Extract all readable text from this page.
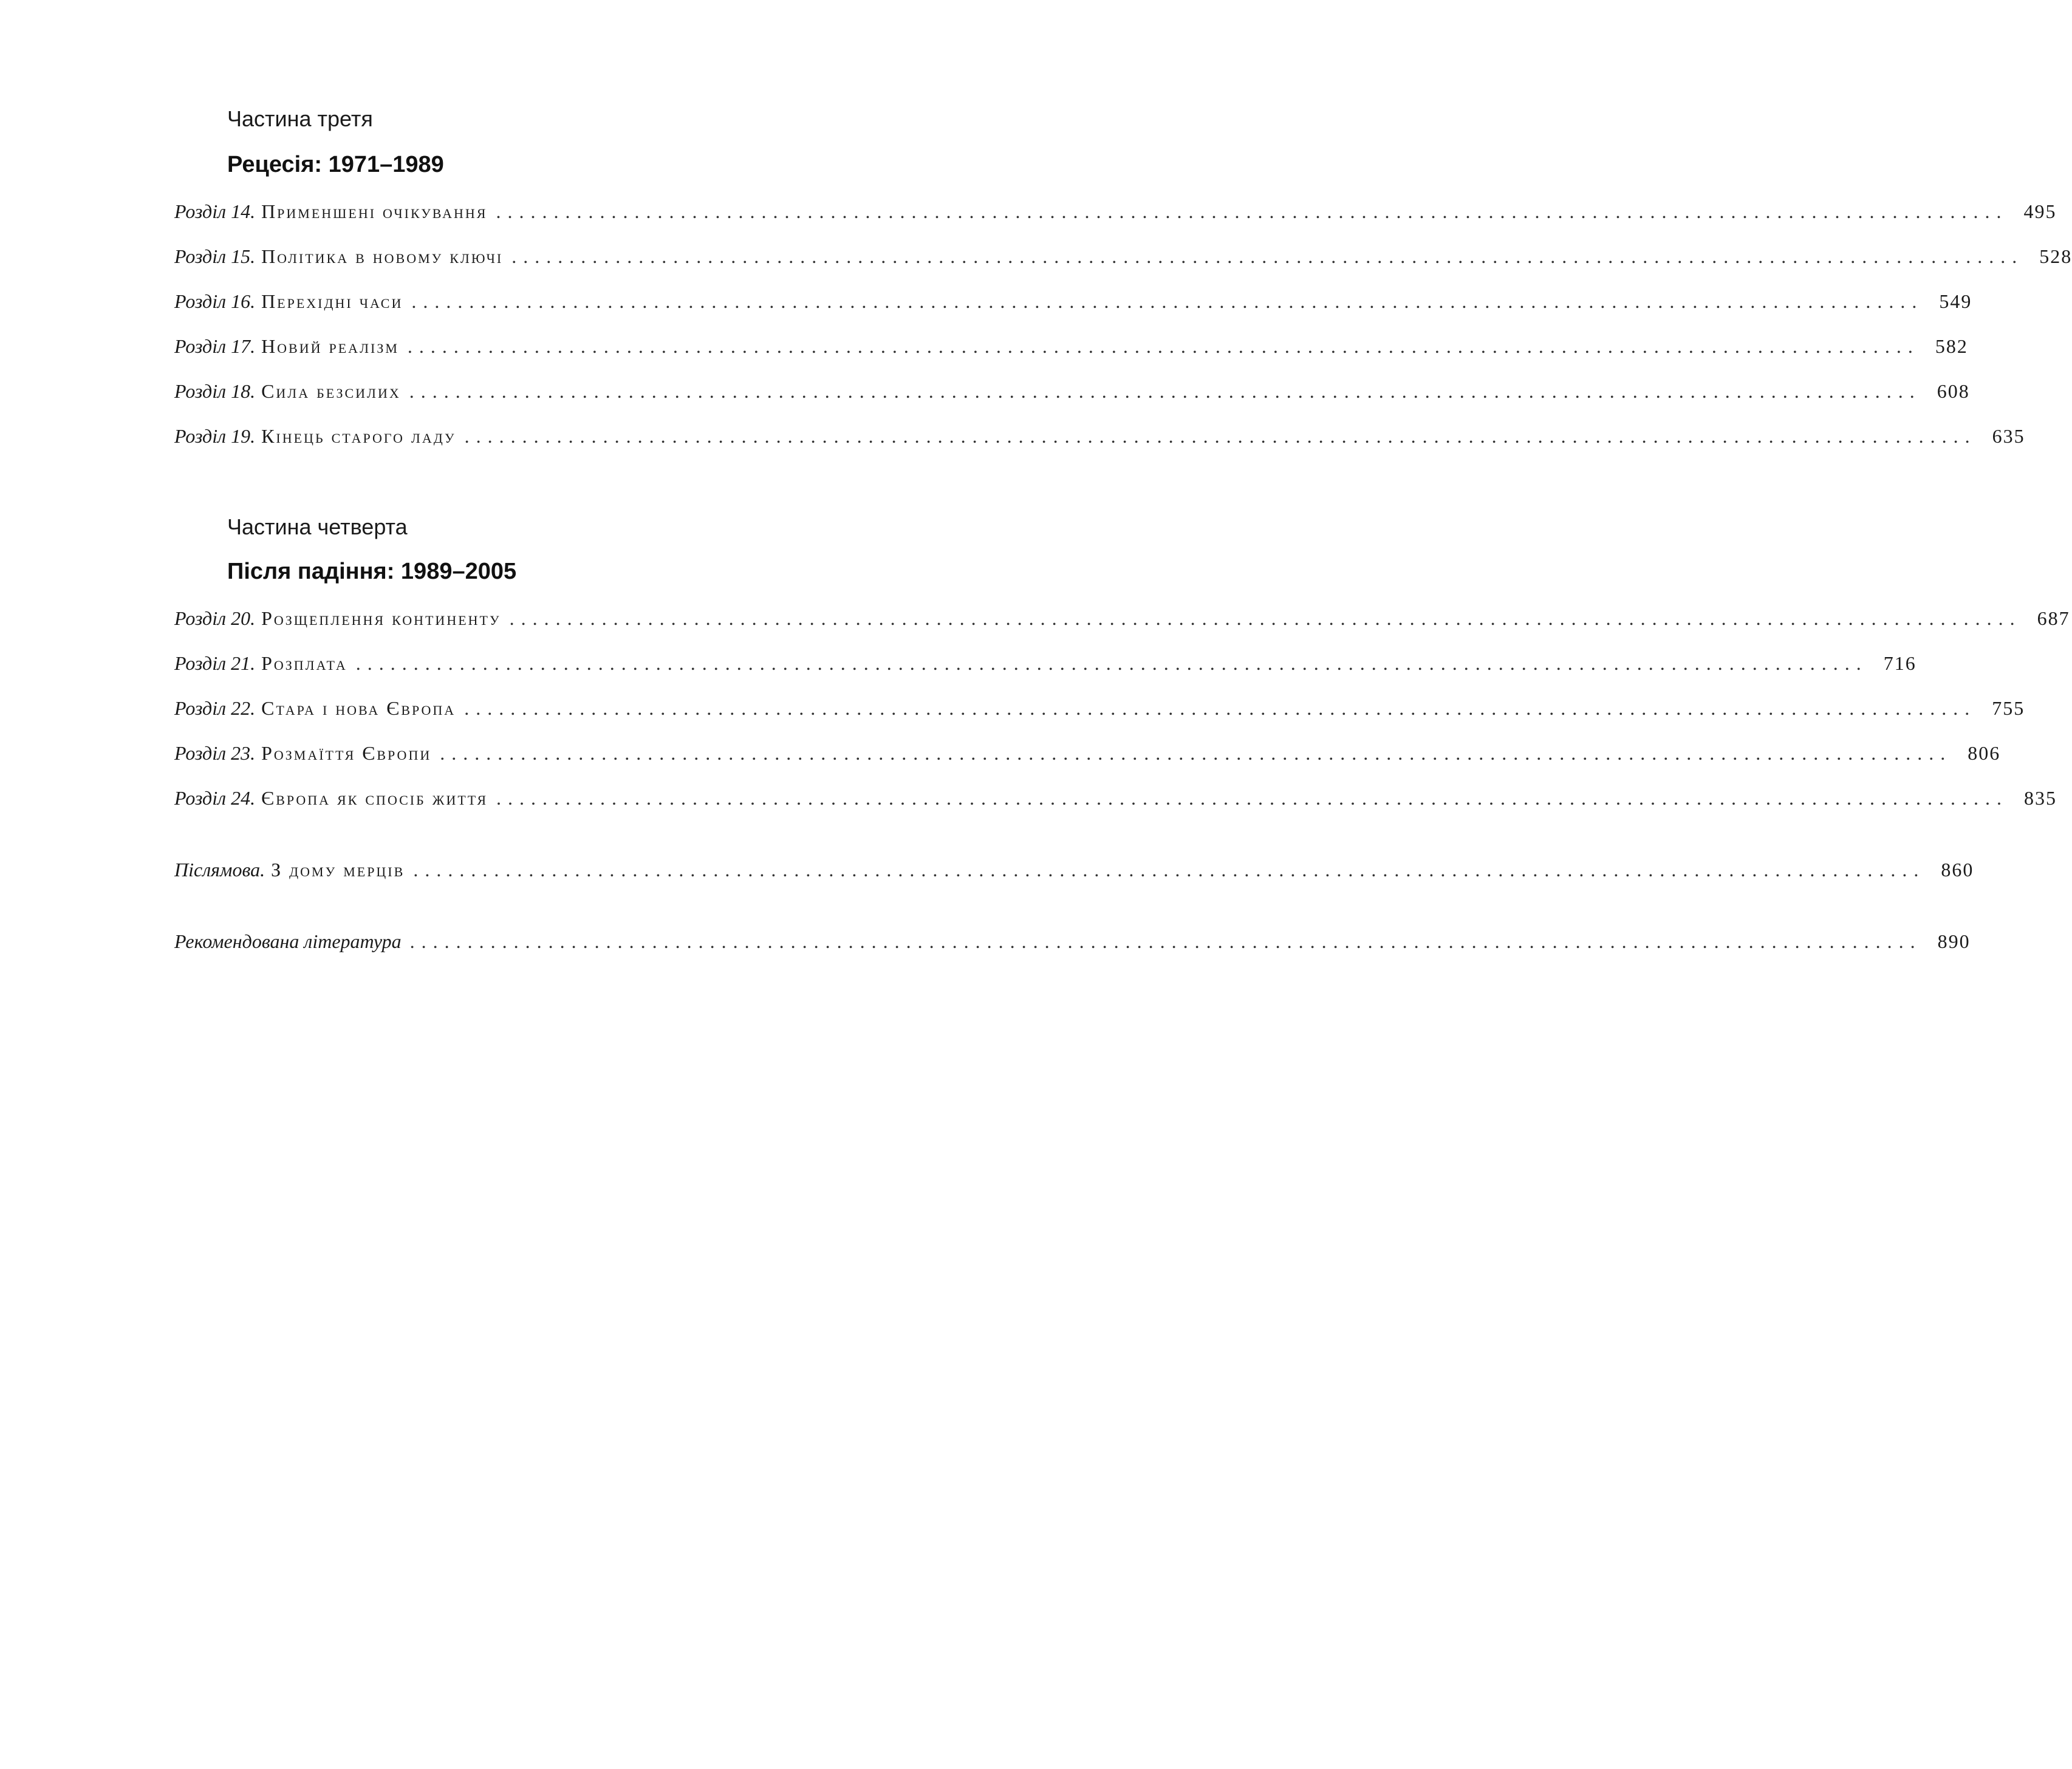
Частина третя
Рецесія: 1971–1989
Розділ 14. Применшені очікування ................................................................................................................................... 495
Розділ 15. Політика в новому ключі ................................................................................................................................... 528
Розділ 16. Перехідні часи ................................................................................................................................... 549
Розділ 17. Новий реалізм ................................................................................................................................... 582
Розділ 18. Сила безсилих ................................................................................................................................... 608
Розділ 19. Кінець старого ладу ................................................................................................................................... 635
Частина четверта
Після падіння: 1989–2005
Розділ 20. Розщеплення континенту ................................................................................................................................... 687
Розділ 21. Розплата ................................................................................................................................... 716
Розділ 22. Стара і нова Європа ................................................................................................................................... 755
Розділ 23. Розмаїття Європи ................................................................................................................................... 806
Розділ 24. Європа як спосіб життя ................................................................................................................................... 835
Післямова. З дому мерців ................................................................................................................................... 860
Рекомендована література ................................................................................................................................... 890
